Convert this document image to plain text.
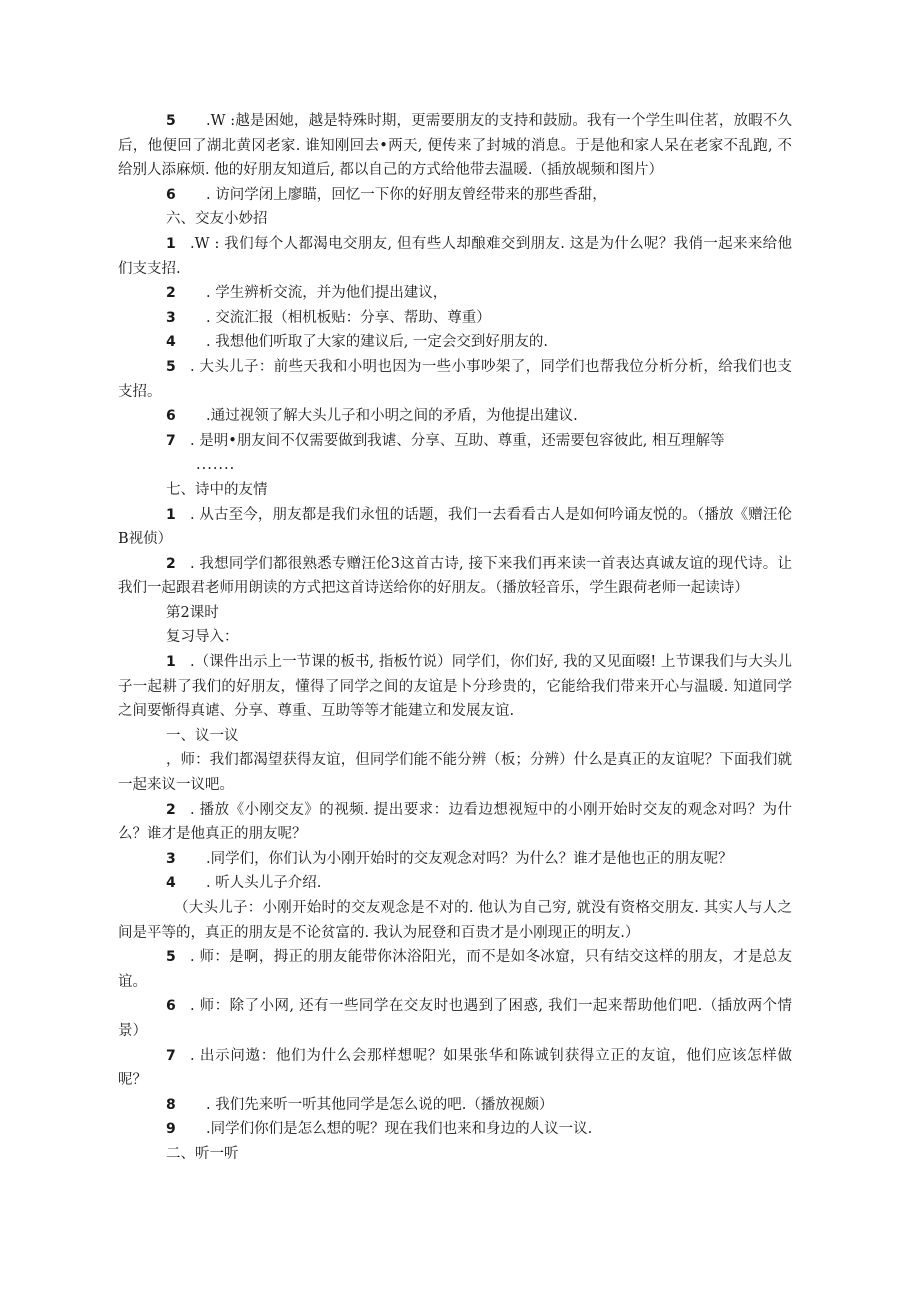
5 .W :越是困她，越是特殊时期，更需要朋友的支持和鼓励。我有一个学生叫住茗，放暇不久后，他便回了湖北黄冈老家. 谁知刚回去•两天, 便传来了封城的消息。于是他和家人呆在老家不乱跑, 不给别人添麻烦. 他的好朋友知道后, 都以自己的方式给他带去温暖.（插放觇频和图片）

6 . 访问学闭上廖瞄，回忆一下你的好朋友曾经带来的那些香甜，

六、交友小妙招

1 .W : 我们每个人都渴电交朋友, 但有些人却酿难交到朋友. 这是为什么呢？我俏一起来来给他们支支招.

2 . 学生辨析交流，并为他们提出建议，

3 . 交流汇报（相机板贴：分享、帮助、尊重）

4 . 我想他们听取了大家的建议后, 一定会交到好朋友的.

5 . 大头儿子：前些天我和小明也因为一些小事吵架了，同学们也帮我位分析分析，给我们也支支招。

6 .通过视领了解大头儿子和小明之间的矛盾，为他提出建议.

7 . 是明•朋友间不仅需要做到我谑、分享、互助、尊重，还需要包容彼此, 相互理解等

.......

七、诗中的友情

1 . 从古至今，朋友都是我们永忸的话题，我们一去看看古人是如何吟诵友悦的。（播放《赠汪伦B视侦）

2 . 我想同学们都很熟悉专赠汪伦3这首古诗, 接下来我们再来读一首表达真诚友谊的现代诗。让我们一起跟君老师用朗读的方式把这首诗送给你的好朋友。（播放轻音乐，学生跟荷老师一起读诗）

第2课时

复习导入：

1 .（课件出示上一节课的板书, 指板竹说）同学们，你们好, 我的又见面啜! 上节课我们与大头儿子一起耕了我们的好朋友，懂得了同学之间的友谊是卜分珍贵的，它能给我们带来开心与温暖. 知道同学之间要惭得真谑、分享、尊重、互助等等才能建立和发展友谊.

一、议一议

，师：我们都渴望获得友谊，但同学们能不能分辨（板；分辨）什么是真正的友谊呢？下面我们就一起来议一议吧。

2 . 播放《小刚交友》的视频. 提出要求：边看边想视短中的小刚开始时交友的观念对吗？为什么？谁才是他真正的朋友呢？

3 .同学们，你们认为小刚开始时的交友观念对吗？为什么？谁才是他也正的朋友呢？

4 . 听人头儿子介绍.

（大头儿子：小刚开始时的交友观念是不对的. 他认为自己穷, 就没有资格交朋友. 其实人与人之间是平等的，真正的朋友是不论贫富的. 我认为屁登和百贵才是小刚现正的明友.）

5 . 师：是啊，拇正的朋友能带你沐浴阳光，而不是如冬冰窟，只有结交这样的朋友，才是总友谊。

6 . 师：除了小网, 还有一些同学在交友时也遇到了困惑, 我们一起来帮助他们吧.（插放两个情景）

7 . 出示问遨：他们为什么会那样想呢？如果张华和陈诚钊获得立正的友谊，他们应该怎样做呢？

8 . 我们先来听一听其他同学是怎么说的吧.（播放视颇）

9 .同学们你们是怎么想的呢？现在我们也来和身边的人议一议.

二、听一听
